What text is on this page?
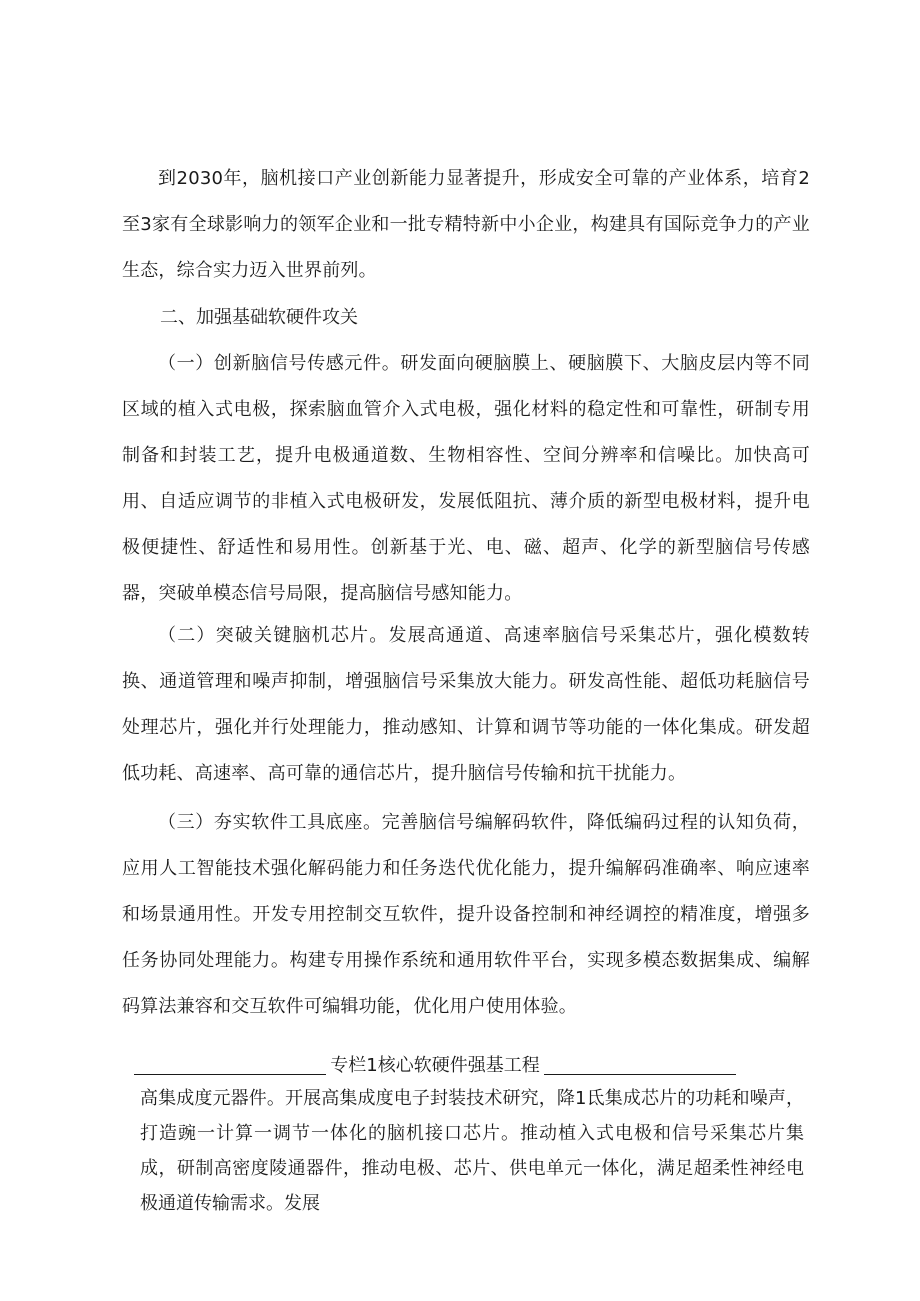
到2030年，脑机接口产业创新能力显著提升，形成安全可靠的产业体系，培育2至3家有全球影响力的领军企业和一批专精特新中小企业，构建具有国际竞争力的产业生态，综合实力迈入世界前列。

二、加强基础软硬件攻关

（一）创新脑信号传感元件。研发面向硬脑膜上、硬脑膜下、大脑皮层内等不同区域的植入式电极，探索脑血管介入式电极，强化材料的稳定性和可靠性，研制专用制备和封装工艺，提升电极通道数、生物相容性、空间分辨率和信噪比。加快高可用、自适应调节的非植入式电极研发，发展低阻抗、薄介质的新型电极材料，提升电极便捷性、舒适性和易用性。创新基于光、电、磁、超声、化学的新型脑信号传感器，突破单模态信号局限，提高脑信号感知能力。

（二）突破关键脑机芯片。发展高通道、高速率脑信号采集芯片，强化模数转换、通道管理和噪声抑制，增强脑信号采集放大能力。研发高性能、超低功耗脑信号处理芯片，强化并行处理能力，推动感知、计算和调节等功能的一体化集成。研发超低功耗、高速率、高可靠的通信芯片，提升脑信号传输和抗干扰能力。

（三）夯实软件工具底座。完善脑信号编解码软件，降低编码过程的认知负荷，应用人工智能技术强化解码能力和任务迭代优化能力，提升编解码准确率、响应速率和场景通用性。开发专用控制交互软件，提升设备控制和神经调控的精准度，增强多任务协同处理能力。构建专用操作系统和通用软件平台，实现多模态数据集成、编解码算法兼容和交互软件可编辑功能，优化用户使用体验。

专栏1核心软硬件强基工程

高集成度元器件。开展高集成度电子封装技术研究，降1氐集成芯片的功耗和噪声，打造豌一计算一调节一体化的脑机接口芯片。推动植入式电极和信号采集芯片集成，研制高密度陵通器件，推动电极、芯片、供电单元一体化，满足超柔性神经电极通道传输需求。发展
